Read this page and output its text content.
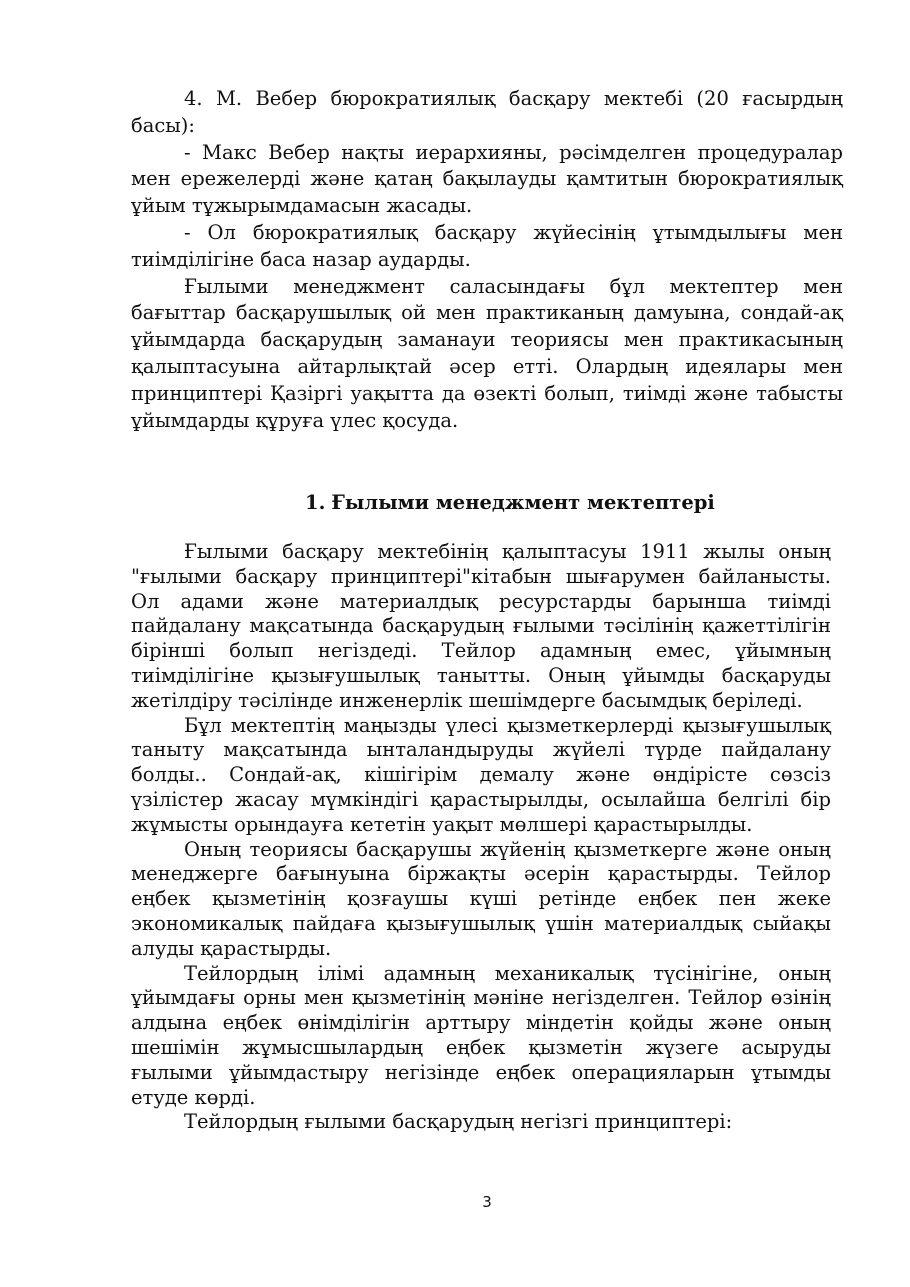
4. М. Вебер бюрократиялық басқару мектебі (20 ғасырдың басы):

- Макс Вебер нақты иерархияны, рәсімделген процедуралар мен ережелерді және қатаң бақылауды қамтитын бюрократиялық ұйым тұжырымдамасын жасады.

- Ол бюрократиялық басқару жүйесінің ұтымдылығы мен тиімділігіне баса назар аударды.

Ғылыми менеджмент саласындағы бұл мектептер мен бағыттар басқарушылық ой мен практиканың дамуына, сондай-ақ ұйымдарда басқарудың заманауи теориясы мен практикасының қалыптасуына айтарлықтай әсер етті. Олардың идеялары мен принциптері Қазіргі уақытта да өзекті болып, тиімді және табысты ұйымдарды құруға үлес қосуда.

1. Ғылыми менеджмент мектептері

Ғылыми басқару мектебінің қалыптасуы 1911 жылы оның "ғылыми басқару принциптері"кітабын шығарумен байланысты. Ол адами және материалдық ресурстарды барынша тиімді пайдалану мақсатында басқарудың ғылыми тәсілінің қажеттілігін бірінші болып негіздеді. Тейлор адамның емес, ұйымның тиімділігіне қызығушылық танытты. Оның ұйымды басқаруды жетілдіру тәсілінде инженерлік шешімдерге басымдық беріледі.

Бұл мектептің маңызды үлесі қызметкерлерді қызығушылық таныту мақсатында ынталандыруды жүйелі түрде пайдалану болды.. Сондай-ақ, кішігірім демалу және өндірісте сөзсіз үзілістер жасау мүмкіндігі қарастырылды, осылайша белгілі бір жұмысты орындауға кететін уақыт мөлшері қарастырылды.

Оның теориясы басқарушы жүйенің қызметкерге және оның менеджерге бағынуына біржақты әсерін қарастырды. Тейлор еңбек қызметінің қозғаушы күші ретінде еңбек пен жеке экономикалық пайдаға қызығушылық үшін материалдық сыйақы алуды қарастырды.

Тейлордың ілімі адамның механикалық түсінігіне, оның ұйымдағы орны мен қызметінің мәніне негізделген. Тейлор өзінің алдына еңбек өнімділігін арттыру міндетін қойды және оның шешімін жұмысшылардың еңбек қызметін жүзеге асыруды ғылыми ұйымдастыру негізінде еңбек операцияларын ұтымды етуде көрді.

Тейлордың ғылыми басқарудың негізгі принциптері:

3
